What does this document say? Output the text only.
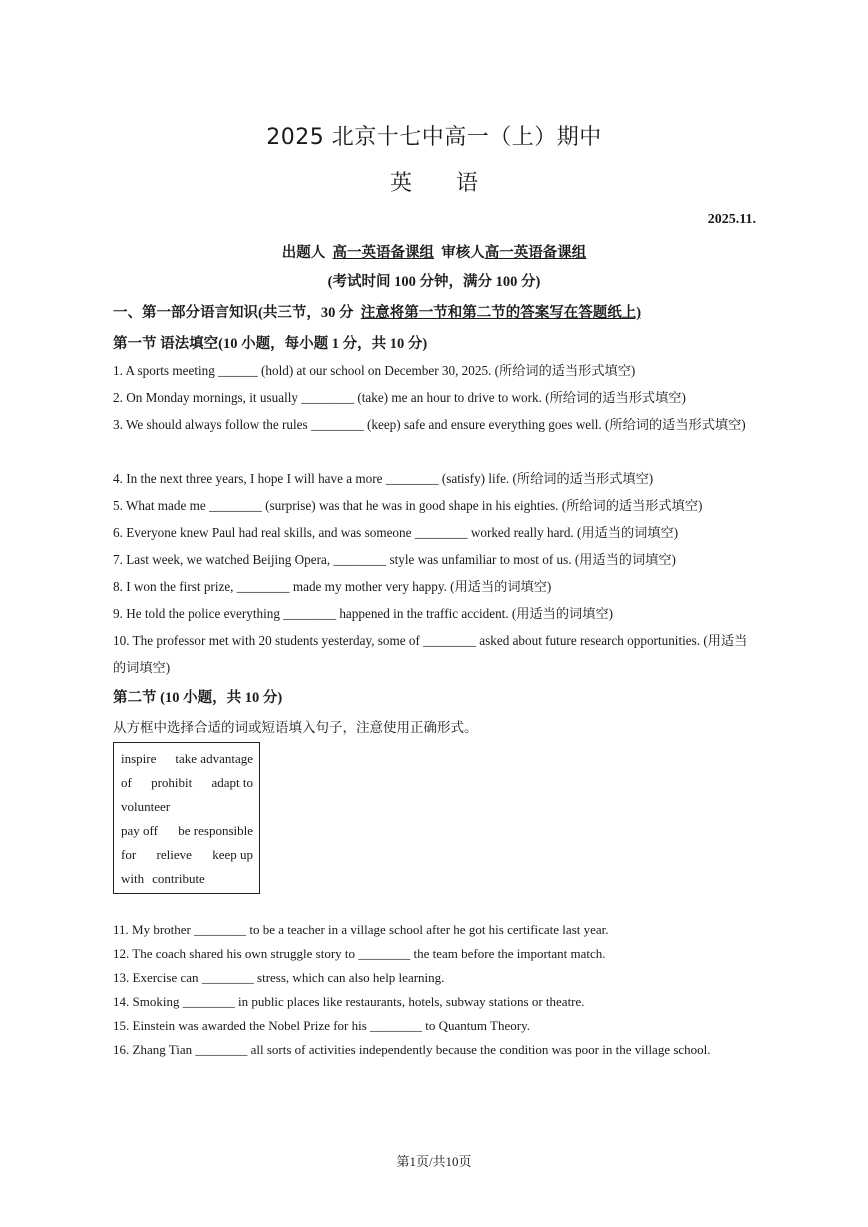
2025 北京十七中高一（上）期中
英 语
2025.11.
出题人 高一英语备课组 审核人高一英语备课组
(考试时间 100 分钟，满分 100 分)
一、第一部分语言知识(共三节，30 分 注意将第一节和第二节的答案写在答题纸上)
第一节 语法填空(10 小题，每小题 1 分，共 10 分)
1. A sports meeting ______ (hold) at our school on December 30, 2025. (所给词的适当形式填空)
2. On Monday mornings, it usually ________ (take) me an hour to drive to work. (所给词的适当形式填空)
3. We should always follow the rules ________ (keep) safe and ensure everything goes well. (所给词的适当形式填空)
4. In the next three years, I hope I will have a more ________ (satisfy) life. (所给词的适当形式填空)
5. What made me ________ (surprise) was that he was in good shape in his eighties. (所给词的适当形式填空)
6. Everyone knew Paul had real skills, and was someone ________ worked really hard. (用适当的词填空)
7. Last week, we watched Beijing Opera, ________ style was unfamiliar to most of us. (用适当的词填空)
8. I won the first prize, ________ made my mother very happy. (用适当的词填空)
9. He told the police everything ________ happened in the traffic accident. (用适当的词填空)
10. The professor met with 20 students yesterday, some of ________ asked about future research opportunities. (用适当的词填空)
第二节 (10 小题，共 10 分)
从方框中选择合适的词或短语填入句子，注意使用正确形式。
inspire take advantage
of prohibit adapt to
volunteer
pay off be responsible
for relieve keep up
with contribute
11. My brother ________ to be a teacher in a village school after he got his certificate last year.
12. The coach shared his own struggle story to ________ the team before the important match.
13. Exercise can ________ stress, which can also help learning.
14. Smoking ________ in public places like restaurants, hotels, subway stations or theatre.
15. Einstein was awarded the Nobel Prize for his ________ to Quantum Theory.
16. Zhang Tian ________ all sorts of activities independently because the condition was poor in the village school.
第1页/共10页
